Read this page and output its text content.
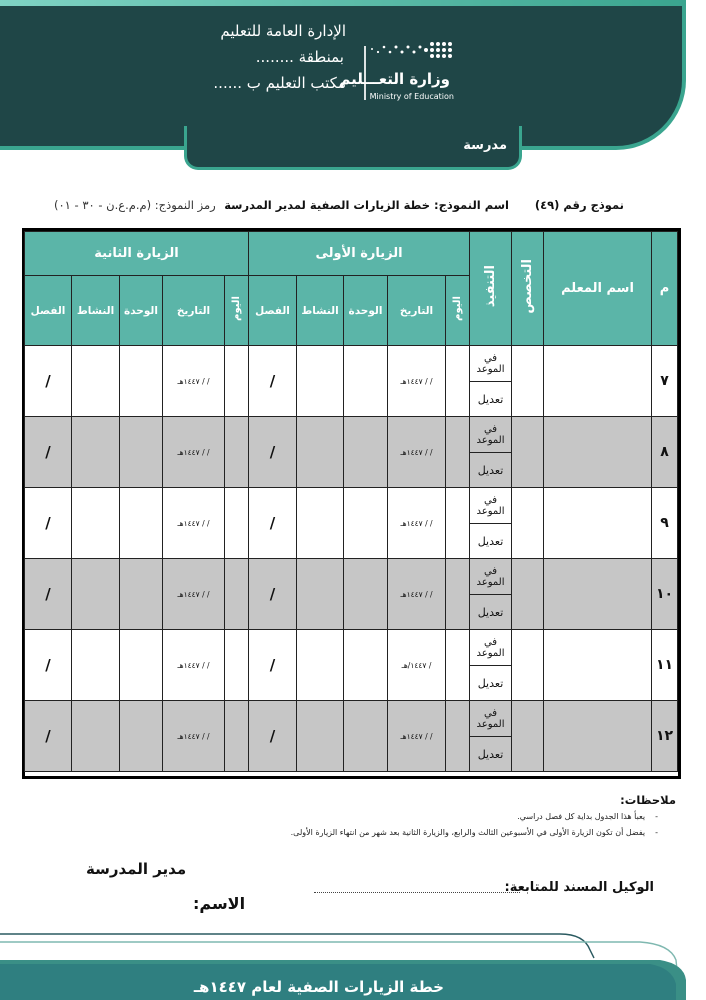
الإدارة العامة للتعليم
بمنطقة ........
مكتب التعليم ب ......
وزارة التعـــليم
Ministry of Education
مدرسة
نموذج رقم (٤٩)
اسم النموذج: خطة الزيارات الصفية لمدير المدرسة
رمز النموذج: (م.م.ع.ن - ٣٠ - ٠١)
م	اسم المعلم	التخصص	التنفيذ	الزيارة الأولى					الزيارة الثانية				
				اليوم	التاريخ	الوحدة	النشاط	الفصل	اليوم	التاريخ	الوحدة	النشاط	الفصل
٧			في الموعد		/ / ١٤٤٧هـ			/		/ / ١٤٤٧هـ			/
			تعديل										
٨			في الموعد		/ / ١٤٤٧هـ			/		/ / ١٤٤٧هـ			/
			تعديل										
٩			في الموعد		/ / ١٤٤٧هـ			/		/ / ١٤٤٧هـ			/
			تعديل										
١٠			في الموعد		/ / ١٤٤٧هـ			/		/ / ١٤٤٧هـ			/
			تعديل										
١١			في الموعد		/ ١٤٤٧/هـ			/		/ / ١٤٤٧هـ			/
			تعديل										
١٢			في الموعد		/ / ١٤٤٧هـ			/		/ / ١٤٤٧هـ			/
			تعديل										
ملاحظات:
-يعبأ هذا الجدول بداية كل فصل دراسي.
-يفضل أن تكون الزيارة الأولى في الأسبوعين الثالث والرابع، والزيارة الثانية بعد شهر من انتهاء الزيارة الأولى.
مدير المدرسة
الاسم:
الوكيل المسند للمتابعة:
خطة الزيارات الصفية لعام ١٤٤٧هـ
